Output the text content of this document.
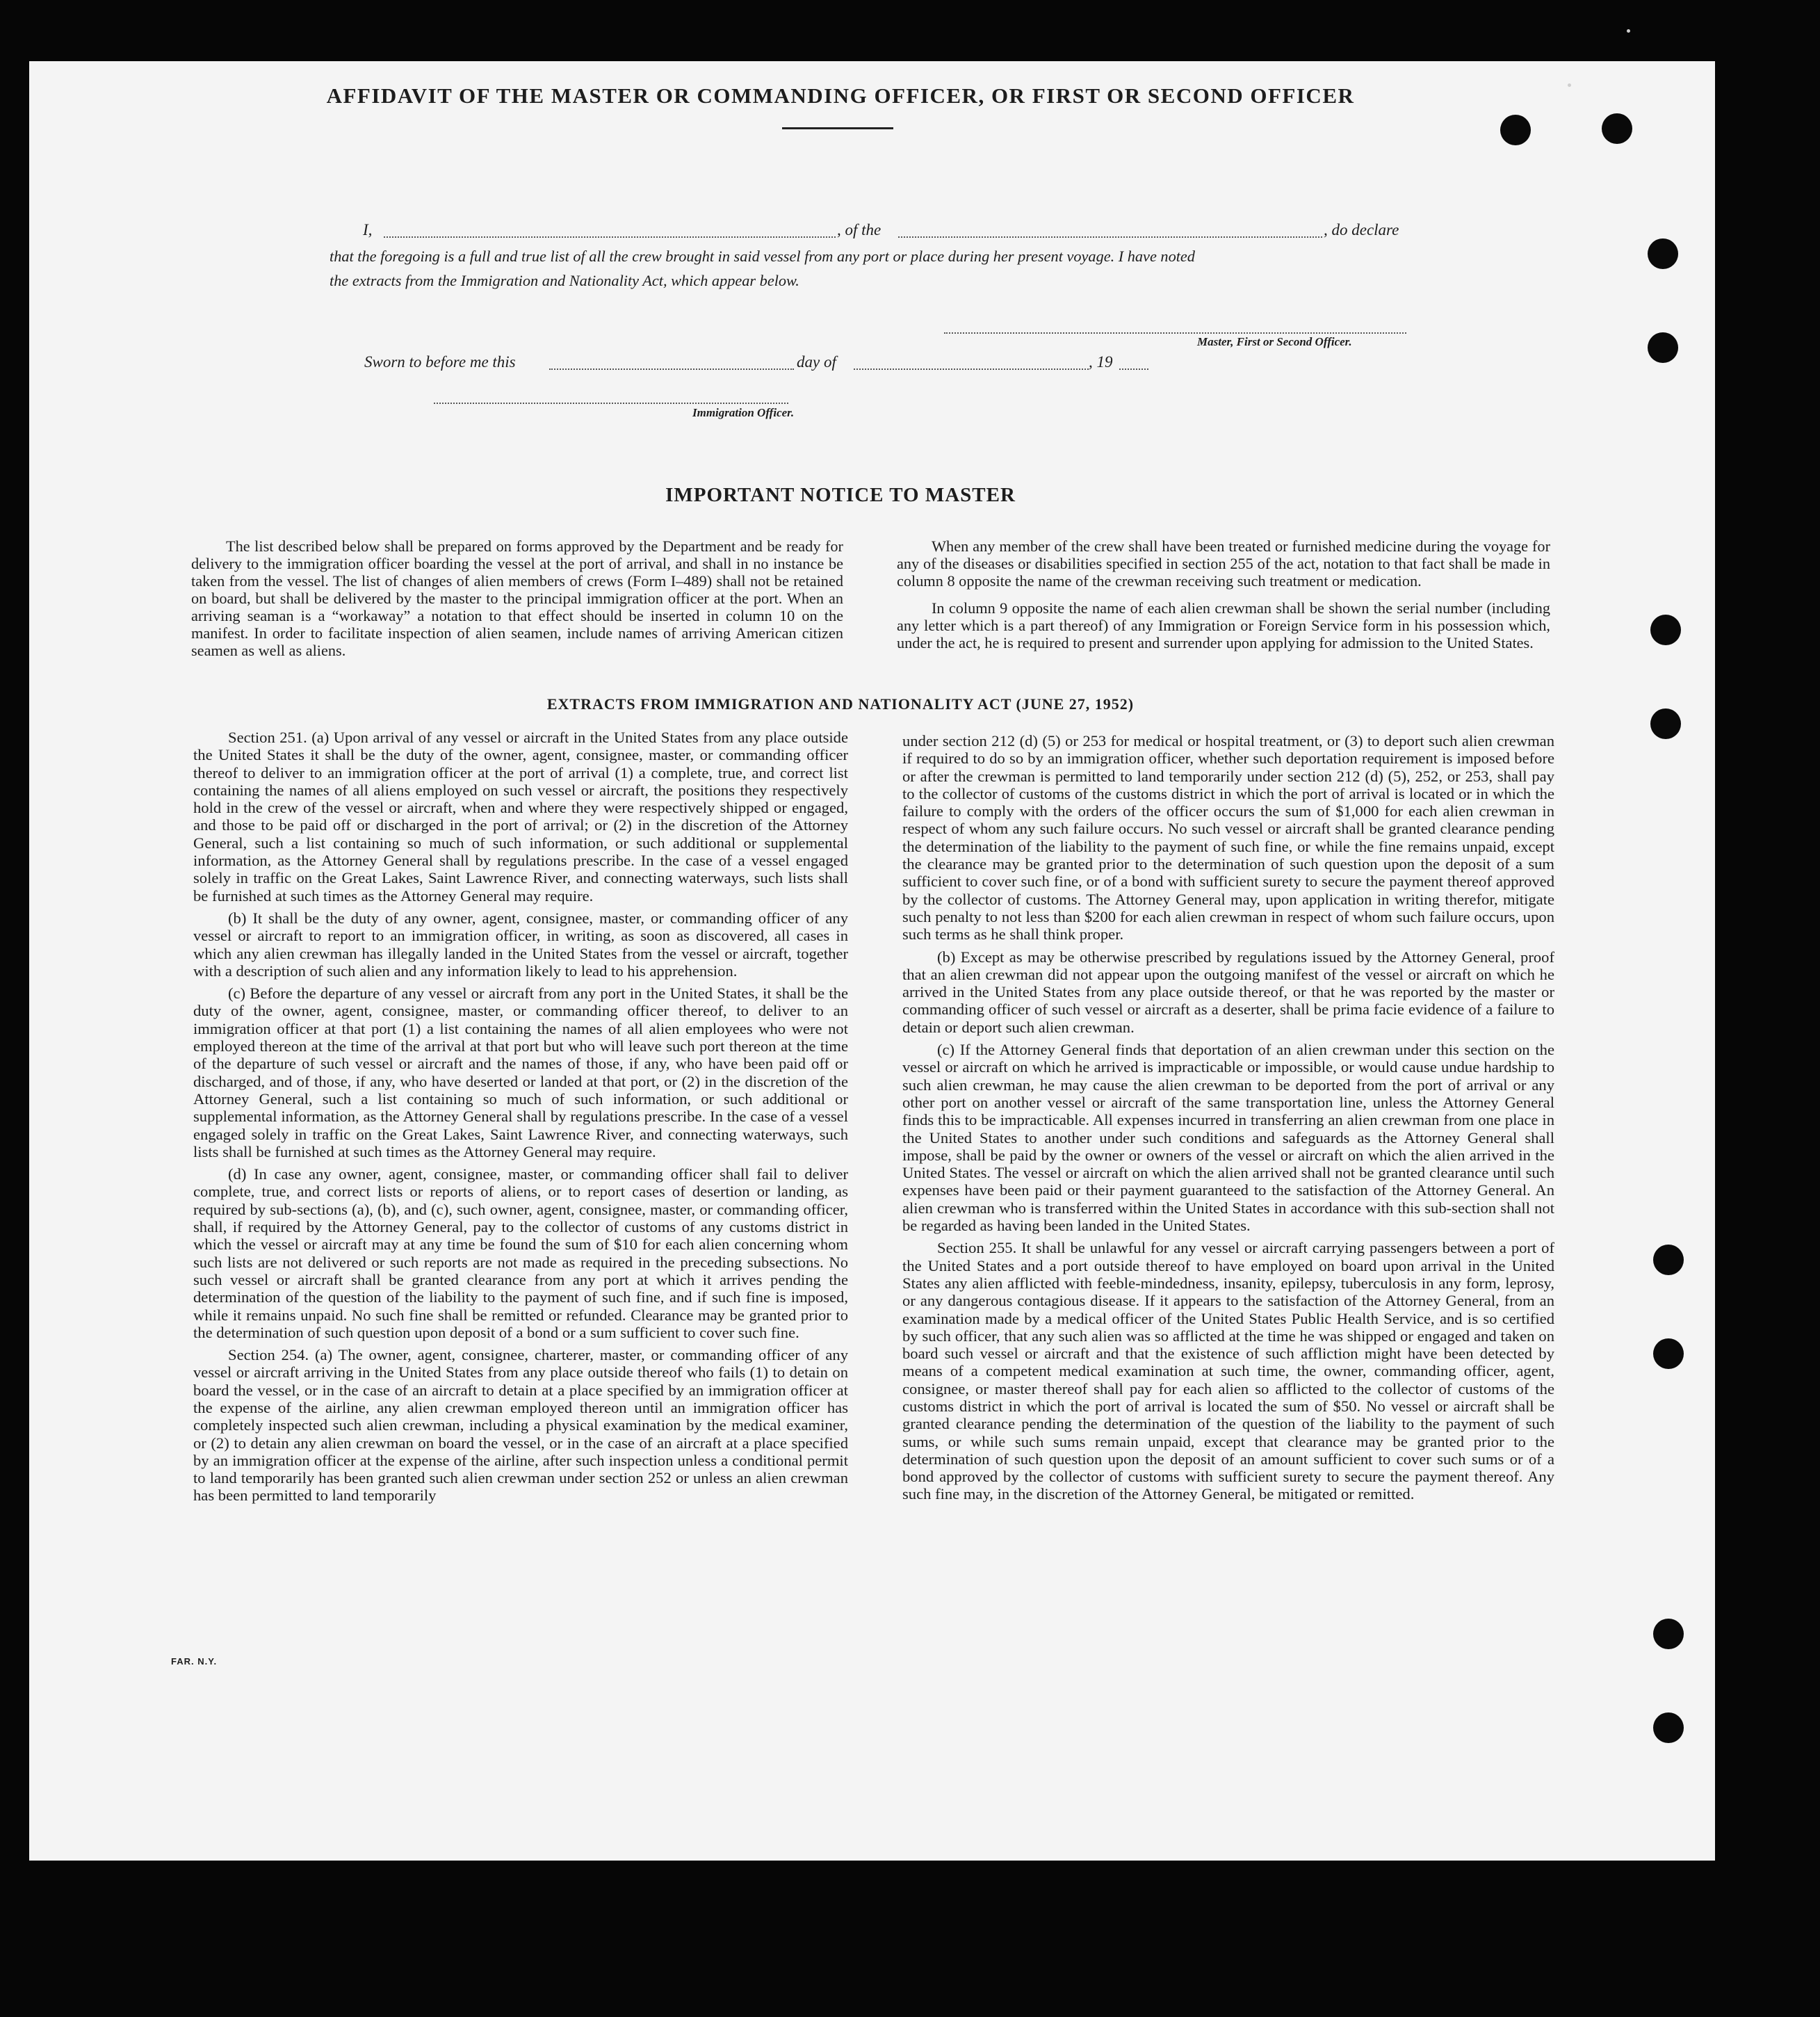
AFFIDAVIT OF THE MASTER OR COMMANDING OFFICER, OR FIRST OR SECOND OFFICER
I,	, of the	, do declare
that the foregoing is a full and true list of all the crew brought in said vessel from any port or place during her present voyage. I have noted
the extracts from the Immigration and Nationality Act, which appear below.
Master, First or Second Officer.
Sworn to before me this	day of	, 19
Immigration Officer.
IMPORTANT NOTICE TO MASTER

The list described below shall be prepared on forms approved by the Department and be ready for delivery to the immigration officer boarding the vessel at the port of arrival, and shall in no instance be taken from the vessel. The list of changes of alien members of crews (Form I–489) shall not be retained on board, but shall be delivered by the master to the principal immigration officer at the port. When an arriving seaman is a “workaway” a notation to that effect should be inserted in column 10 on the manifest. In order to facilitate inspection of alien seamen, include names of arriving American citizen seamen as well as aliens.

When any member of the crew shall have been treated or furnished medicine during the voyage for any of the diseases or disabilities specified in section 255 of the act, notation to that fact shall be made in column 8 opposite the name of the crewman receiving such treatment or medication.

In column 9 opposite the name of each alien crewman shall be shown the serial number (including any letter which is a part thereof) of any Immigration or Foreign Service form in his possession which, under the act, he is required to present and surrender upon applying for admission to the United States.

EXTRACTS FROM IMMIGRATION AND NATIONALITY ACT (JUNE 27, 1952)

Section 251. (a) Upon arrival of any vessel or aircraft in the United States from any place outside the United States it shall be the duty of the owner, agent, consignee, master, or commanding officer thereof to deliver to an immigration officer at the port of arrival (1) a complete, true, and correct list containing the names of all aliens employed on such vessel or aircraft, the positions they respectively hold in the crew of the vessel or aircraft, when and where they were respectively shipped or engaged, and those to be paid off or discharged in the port of arrival; or (2) in the discretion of the Attorney General, such a list containing so much of such information, or such additional or supplemental information, as the Attorney General shall by regulations prescribe. In the case of a vessel engaged solely in traffic on the Great Lakes, Saint Lawrence River, and connecting waterways, such lists shall be furnished at such times as the Attorney General may require.

(b) It shall be the duty of any owner, agent, consignee, master, or commanding officer of any vessel or aircraft to report to an immigration officer, in writing, as soon as discovered, all cases in which any alien crewman has illegally landed in the United States from the vessel or aircraft, together with a description of such alien and any information likely to lead to his apprehension.

(c) Before the departure of any vessel or aircraft from any port in the United States, it shall be the duty of the owner, agent, consignee, master, or commanding officer thereof, to deliver to an immigration officer at that port (1) a list containing the names of all alien employees who were not employed thereon at the time of the arrival at that port but who will leave such port thereon at the time of the departure of such vessel or aircraft and the names of those, if any, who have been paid off or discharged, and of those, if any, who have deserted or landed at that port, or (2) in the discretion of the Attorney General, such a list containing so much of such information, or such additional or supplemental information, as the Attorney General shall by regulations prescribe. In the case of a vessel engaged solely in traffic on the Great Lakes, Saint Lawrence River, and connecting waterways, such lists shall be furnished at such times as the Attorney General may require.

(d) In case any owner, agent, consignee, master, or commanding officer shall fail to deliver complete, true, and correct lists or reports of aliens, or to report cases of desertion or landing, as required by sub-sections (a), (b), and (c), such owner, agent, consignee, master, or commanding officer, shall, if required by the Attorney General, pay to the collector of customs of any customs district in which the vessel or aircraft may at any time be found the sum of $10 for each alien concerning whom such lists are not delivered or such reports are not made as required in the preceding subsections. No such vessel or aircraft shall be granted clearance from any port at which it arrives pending the determination of the question of the liability to the payment of such fine, and if such fine is imposed, while it remains unpaid. No such fine shall be remitted or refunded. Clearance may be granted prior to the determination of such question upon deposit of a bond or a sum sufficient to cover such fine.

Section 254. (a) The owner, agent, consignee, charterer, master, or commanding officer of any vessel or aircraft arriving in the United States from any place outside thereof who fails (1) to detain on board the vessel, or in the case of an aircraft to detain at a place specified by an immigration officer at the expense of the airline, any alien crewman employed thereon until an immigration officer has completely inspected such alien crewman, including a physical examination by the medical examiner, or (2) to detain any alien crewman on board the vessel, or in the case of an aircraft at a place specified by an immigration officer at the expense of the airline, after such inspection unless a conditional permit to land temporarily has been granted such alien crewman under section 252 or unless an alien crewman has been permitted to land temporarily

under section 212 (d) (5) or 253 for medical or hospital treatment, or (3) to deport such alien crewman if required to do so by an immigration officer, whether such deportation requirement is imposed before or after the crewman is permitted to land temporarily under section 212 (d) (5), 252, or 253, shall pay to the collector of customs of the customs district in which the port of arrival is located or in which the failure to comply with the orders of the officer occurs the sum of $1,000 for each alien crewman in respect of whom any such failure occurs. No such vessel or aircraft shall be granted clearance pending the determination of the liability to the payment of such fine, or while the fine remains unpaid, except the clearance may be granted prior to the determination of such question upon the deposit of a sum sufficient to cover such fine, or of a bond with sufficient surety to secure the payment thereof approved by the collector of customs. The Attorney General may, upon application in writing therefor, mitigate such penalty to not less than $200 for each alien crewman in respect of whom such failure occurs, upon such terms as he shall think proper.

(b) Except as may be otherwise prescribed by regulations issued by the Attorney General, proof that an alien crewman did not appear upon the outgoing manifest of the vessel or aircraft on which he arrived in the United States from any place outside thereof, or that he was reported by the master or commanding officer of such vessel or aircraft as a deserter, shall be prima facie evidence of a failure to detain or deport such alien crewman.

(c) If the Attorney General finds that deportation of an alien crewman under this section on the vessel or aircraft on which he arrived is impracticable or impossible, or would cause undue hardship to such alien crewman, he may cause the alien crewman to be deported from the port of arrival or any other port on another vessel or aircraft of the same transportation line, unless the Attorney General finds this to be impracticable. All expenses incurred in transferring an alien crewman from one place in the United States to another under such conditions and safeguards as the Attorney General shall impose, shall be paid by the owner or owners of the vessel or aircraft on which the alien arrived in the United States. The vessel or aircraft on which the alien arrived shall not be granted clearance until such expenses have been paid or their payment guaranteed to the satisfaction of the Attorney General. An alien crewman who is transferred within the United States in accordance with this sub-section shall not be regarded as having been landed in the United States.

Section 255. It shall be unlawful for any vessel or aircraft carrying passengers between a port of the United States and a port outside thereof to have employed on board upon arrival in the United States any alien afflicted with feeble-mindedness, insanity, epilepsy, tuberculosis in any form, leprosy, or any dangerous contagious disease. If it appears to the satisfaction of the Attorney General, from an examination made by a medical officer of the United States Public Health Service, and is so certified by such officer, that any such alien was so afflicted at the time he was shipped or engaged and taken on board such vessel or aircraft and that the existence of such affliction might have been detected by means of a competent medical examination at such time, the owner, commanding officer, agent, consignee, or master thereof shall pay for each alien so afflicted to the collector of customs of the customs district in which the port of arrival is located the sum of $50. No vessel or aircraft shall be granted clearance pending the determination of the question of the liability to the payment of such sums, or while such sums remain unpaid, except that clearance may be granted prior to the determination of such question upon the deposit of an amount sufficient to cover such sums or of a bond approved by the collector of customs with sufficient surety to secure the payment thereof. Any such fine may, in the discretion of the Attorney General, be mitigated or remitted.

FAR. N.Y.
